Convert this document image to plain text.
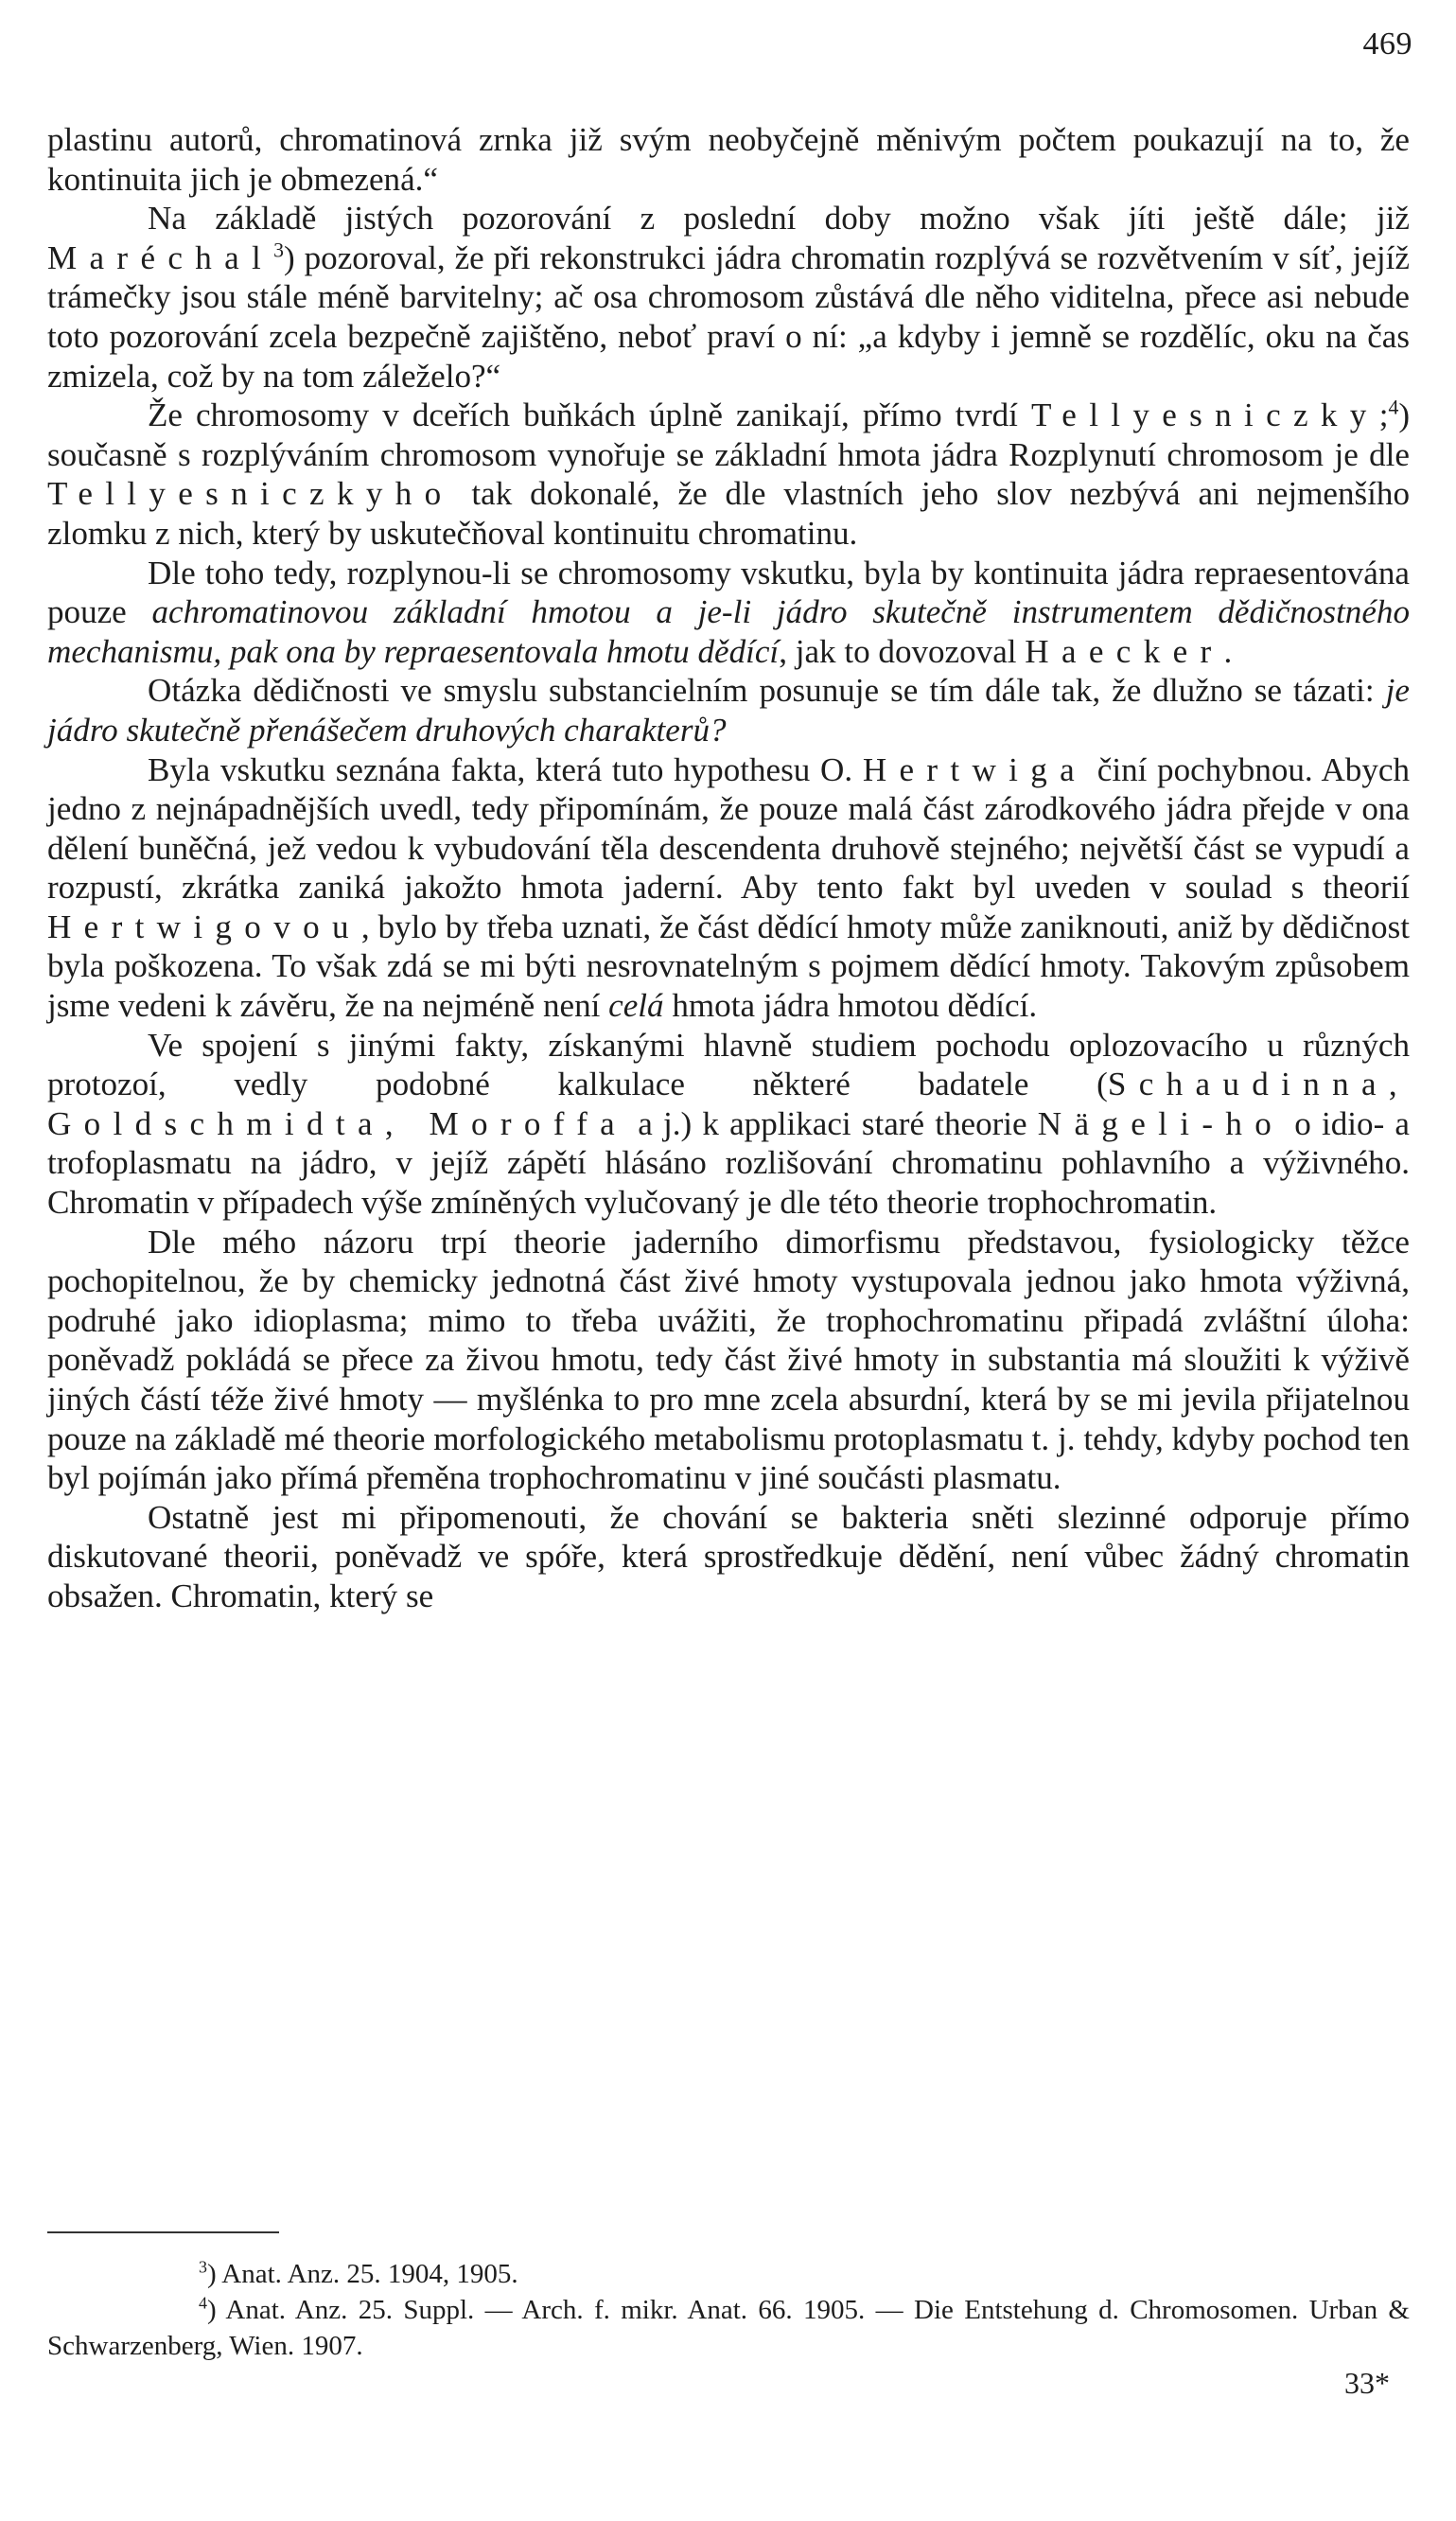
469

plastinu autorů, chromatinová zrnka již svým neobyčejně měnivým počtem poukazují na to, že kontinuita jich je obmezená.“

Na základě jistých pozorování z poslední doby možno však jíti ještě dále; již Maréchal$^3$) pozoroval, že při rekonstrukci jádra chromatin rozplývá se rozvětvením v síť, jejíž trámečky jsou stále méně barvitelny; ač osa chromosom zůstává dle něho viditelna, přece asi nebude toto pozorování zcela bezpečně zajištěno, neboť praví o ní: „a kdyby i jemně se rozdělíc, oku na čas zmizela, což by na tom záleželo?“

Že chromosomy v dceřích buňkách úplně zanikají, přímo tvrdí Tellyesniczky;$^4$) současně s rozplýváním chromosom vynořuje se základní hmota jádra Rozplynutí chromosom je dle Tellyesniczkyho tak dokonalé, že dle vlastních jeho slov nezbývá ani nejmenšího zlomku z nich, který by uskutečňoval kontinuitu chromatinu.

Dle toho tedy, rozplynou-li se chromosomy vskutku, byla by kontinuita jádra repraesentována pouze achromatinovou základní hmotou a je-li jádro skutečně instrumentem dědičnostného mechanismu, pak ona by repraesentovala hmotu dědící, jak to dovozoval Haecker.

Otázka dědičnosti ve smyslu substancielním posunuje se tím dále tak, že dlužno se tázati: je jádro skutečně přenášečem druhových charakterů?

Byla vskutku seznána fakta, která tuto hypothesu O. Hertwiga činí pochybnou. Abych jedno z nejnápadnějších uvedl, tedy připomínám, že pouze malá část zárodkového jádra přejde v ona dělení buněčná, jež vedou k vybudování těla descendenta druhově stejného; největší část se vypudí a rozpustí, zkrátka zaniká jakožto hmota jaderní. Aby tento fakt byl uveden v soulad s theorií Hertwigovou, bylo by třeba uznati, že část dědící hmoty může zaniknouti, aniž by dědičnost byla poškozena. To však zdá se mi býti nesrovnatelným s pojmem dědící hmoty. Takovým způsobem jsme vedeni k závěru, že na nejméně není celá hmota jádra hmotou dědící.

Ve spojení s jinými fakty, získanými hlavně studiem pochodu oplozovacího u různých protozoí, vedly podobné kalkulace některé badatele (Schaudinna, Goldschmidta, Moroffa a j.) k applikaci staré theorie Nägeli-ho o idio- a trofoplasmatu na jádro, v jejíž zápětí hlásáno rozlišování chromatinu pohlavního a výživného. Chromatin v případech výše zmíněných vylučovaný je dle této theorie trophochromatin.

Dle mého názoru trpí theorie jaderního dimorfismu představou, fysiologicky těžce pochopitelnou, že by chemicky jednotná část živé hmoty vystupovala jednou jako hmota výživná, podruhé jako idioplasma; mimo to třeba uvážiti, že trophochromatinu připadá zvláštní úloha: poněvadž pokládá se přece za živou hmotu, tedy část živé hmoty in substantia má sloužiti k výživě jiných částí téže živé hmoty — myšlénka to pro mne zcela absurdní, která by se mi jevila přijatelnou pouze na základě mé theorie morfologického metabolismu protoplasmatu t. j. tehdy, kdyby pochod ten byl pojímán jako přímá přeměna trophochromatinu v jiné součásti plasmatu.

Ostatně jest mi připomenouti, že chování se bakteria sněti slezinné odporuje přímo diskutované theorii, poněvadž ve spóře, která sprostředkuje dědění, není vůbec žádný chromatin obsažen. Chromatin, který se

$^3$) Anat. Anz. 25. 1904, 1905.

$^4$) Anat. Anz. 25. Suppl. — Arch. f. mikr. Anat. 66. 1905. — Die Entstehung d. Chromosomen. Urban & Schwarzenberg, Wien. 1907.

33*
